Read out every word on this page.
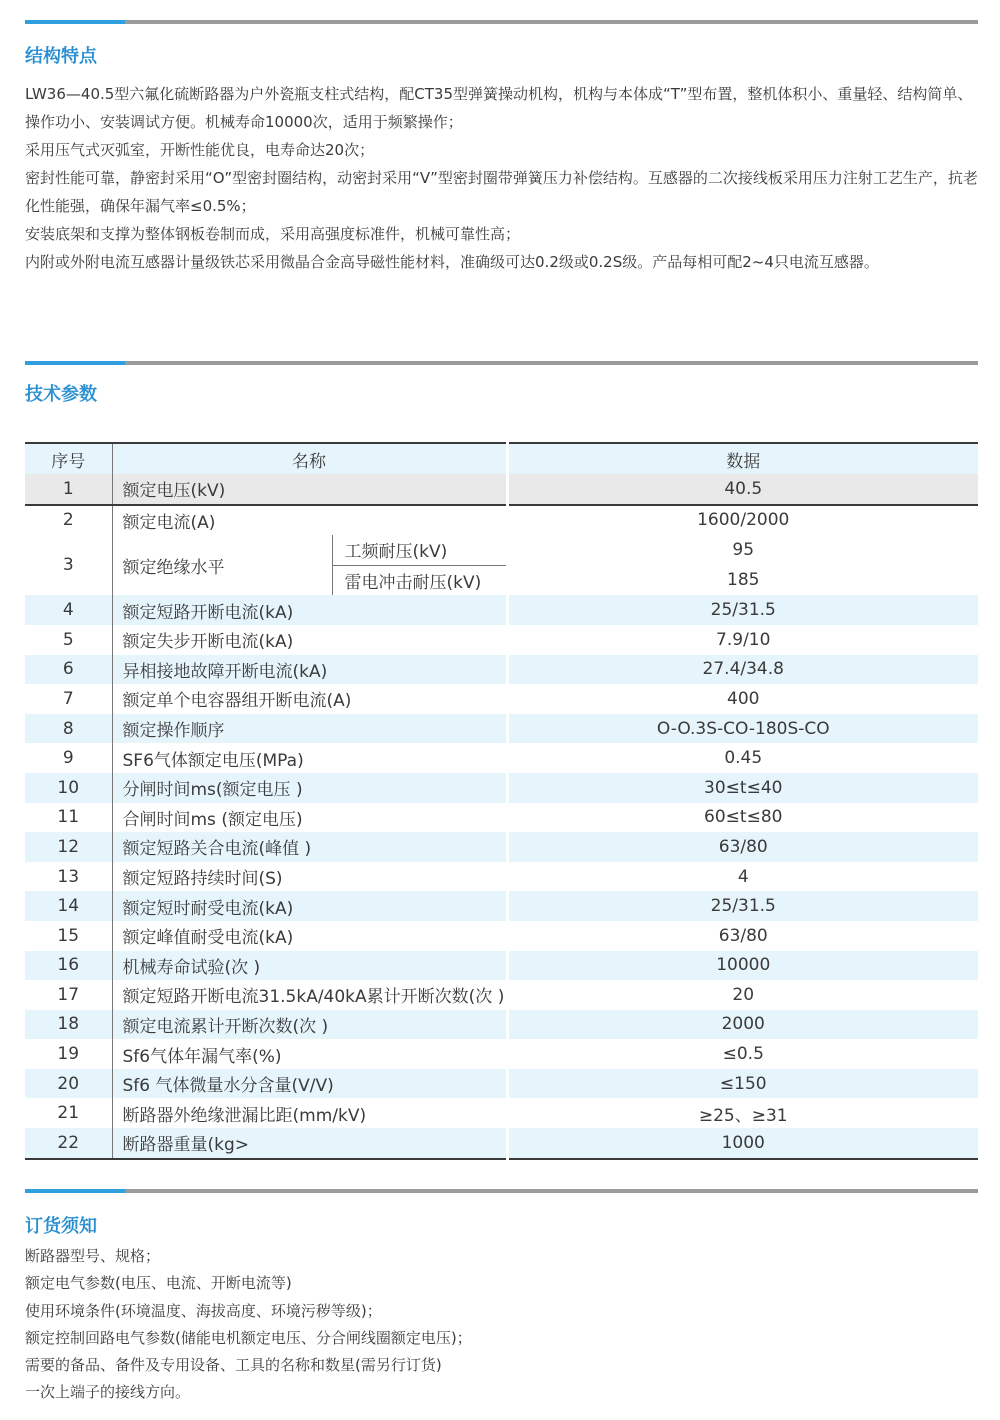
结构特点

LW36—40.5型六氟化硫断路器为户外瓷瓶支柱式结构，配CT35型弹簧操动机构，机构与本体成“T”型布置，整机体积小、重量轻、结构简单、操作功小、安装调试方便。机械寿命10000次，适用于频繁操作；

采用压气式灭弧室，开断性能优良，电寿命达20次；

密封性能可靠，静密封采用“O”型密封圈结构，动密封采用“V”型密封圈带弹簧压力补偿结构。互感器的二次接线板采用压力注射工艺生产，抗老化性能强，确保年漏气率≤0.5%；

安装底架和支撑为整体钢板卷制而成，采用高强度标准件，机械可靠性高；

内附或外附电流互感器计量级铁芯采用微晶合金高导磁性能材料，准确级可达0.2级或0.2S级。产品每相可配2~4只电流互感器。

技术参数
序号	名称		数据
1	额定电压(kV)		40.5
2	额定电流(A)		1600/2000
3	额定绝缘水平	工频耐压(kV)	95
		雷电冲击耐压(kV)	185
4	额定短路开断电流(kA)		25/31.5
5	额定失步开断电流(kA)		7.9/10
6	异相接地故障开断电流(kA)		27.4/34.8
7	额定单个电容器组开断电流(A)		400
8	额定操作顺序		O-O.3S-CO-180S-CO
9	SF6气体额定电压(MPa)		0.45
10	分闸时间ms(额定电压 )		30≤t≤40
11	合闸时间ms (额定电压)		60≤t≤80
12	额定短路关合电流(峰值 )		63/80
13	额定短路持续时间(S)		4
14	额定短时耐受电流(kA)		25/31.5
15	额定峰值耐受电流(kA)		63/80
16	机械寿命试验(次 )		10000
17	额定短路开断电流31.5kA/40kA累计开断次数(次 )		20
18	额定电流累计开断次数(次 )		2000
19	Sf6气体年漏气率(%)		≤0.5
20	Sf6 气体微量水分含量(V/V)		≤150
21	断路器外绝缘泄漏比距(mm/kV)		≥25、≥31
22	断路器重量(kg>		1000
订货须知

断路器型号、规格；

额定电气参数(电压、电流、开断电流等)

使用环境条件(环境温度、海拔高度、环境污秽等级)；

额定控制回路电气参数(储能电机额定电压、分合闸线圈额定电压)；

需要的备品、备件及专用设备、工具的名称和数星(需另行订货)

一次上端子的接线方向。
